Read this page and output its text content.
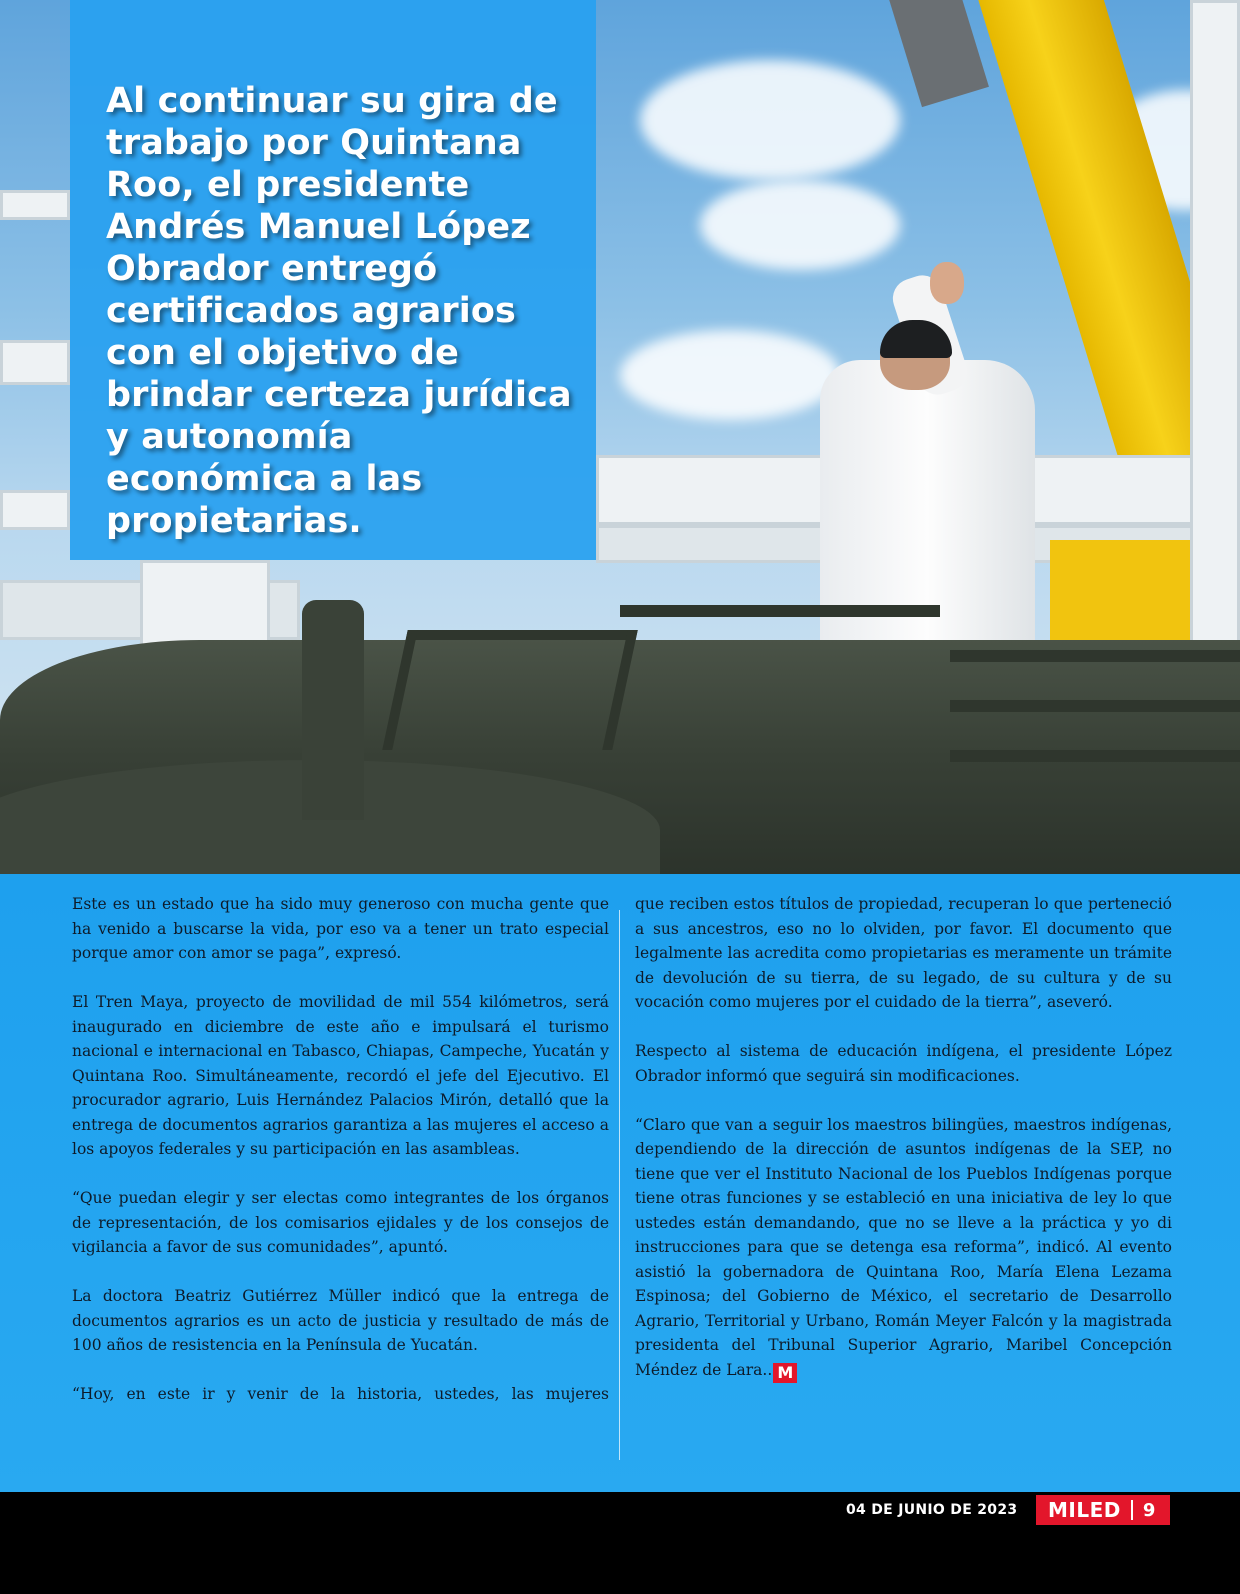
Al continuar su gira de trabajo por Quintana Roo, el presidente Andrés Manuel López Obrador entregó certificados agrarios con el objetivo de brindar certeza jurídica y autonomía económica a las propietarias.

Este es un estado que ha sido muy generoso con mucha gente que ha venido a buscarse la vida, por eso va a tener un trato especial porque amor con amor se paga”, expresó.

El Tren Maya, proyecto de movilidad de mil 554 kilómetros, será inaugurado en diciembre de este año e impulsará el turismo nacional e internacional en Tabasco, Chiapas, Campeche, Yucatán y Quintana Roo. Simultáneamente, recordó el jefe del Ejecutivo. El procurador agrario, Luis Hernández Palacios Mirón, detalló que la entrega de documentos agrarios garantiza a las mujeres el acceso a los apoyos federales y su participación en las asambleas.

“Que puedan elegir y ser electas como integrantes de los órganos de representación, de los comisarios ejidales y de los consejos de vigilancia a favor de sus comunidades”, apuntó.

La doctora Beatriz Gutiérrez Müller indicó que la entrega de documentos agrarios es un acto de justicia y resultado de más de 100 años de resistencia en la Península de Yucatán.

“Hoy, en este ir y venir de la historia, ustedes, las mujeres

que reciben estos títulos de propiedad, recuperan lo que perteneció a sus ancestros, eso no lo olviden, por favor. El documento que legalmente las acredita como propietarias es meramente un trámite de devolución de su tierra, de su legado, de su cultura y de su vocación como mujeres por el cuidado de la tierra”, aseveró.

Respecto al sistema de educación indígena, el presidente López Obrador informó que seguirá sin modificaciones.

“Claro que van a seguir los maestros bilingües, maestros indígenas, dependiendo de la dirección de asuntos indígenas de la SEP, no tiene que ver el Instituto Nacional de los Pueblos Indígenas porque tiene otras funciones y se estableció en una iniciativa de ley lo que ustedes están demandando, que no se lleve a la práctica y yo di instrucciones para que se detenga esa reforma”, indicó. Al evento asistió la gobernadora de Quintana Roo, María Elena Lezama Espinosa; del Gobierno de México, el secretario de Desarrollo Agrario, Territorial y Urbano, Román Meyer Falcón y la magistrada presidenta del Tribunal Superior Agrario, Maribel Concepción Méndez de Lara.. M

04 DE JUNIO DE 2023	MILED 9
